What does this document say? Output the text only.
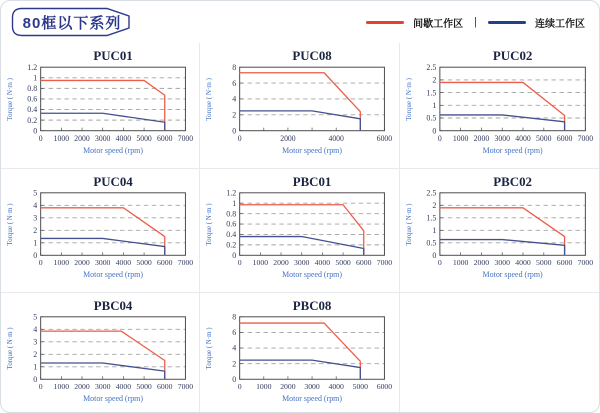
80框以下系列	间歇工作区 |	连续工作区
PUC01
Motor speed (rpm)
Torque ( N·m )
0
0.2
0.4
0.6
0.8
1
1.2
0 1000 2000 3000 4000 5000 6000 7000
PUC08
Motor speed (rpm)
Torque ( N·m )
0
2
4
6
8
0	2000	4000	6000
PUC02
Motor speed (rpm)
Torque ( N·m )
0
0.5
1
1.5
2
2.5
0 1000 2000 3000 4000 5000 6000 7000
PUC04
Motor speed (rpm)
Torque ( N·m )
0
1
2
3
4
5
0 1000 2000 3000 4000 5000 6000 7000
PBC01
Motor speed (rpm)
Torque ( N·m )
0
0.2
0.4
0.6
0.8
1
1.2
0 1000 2000 3000 4000 5000 6000 7000
PBC02
Motor speed (rpm)
Torque ( N·m )
0
0.5
1
1.5
2
2.5
0 1000 2000 3000 4000 5000 6000 7000
PBC04
Motor speed (rpm)
Torque ( N·m )
0
1
2
3
4
5
0 1000 2000 3000 4000 5000 6000 7000
PBC08
Motor speed (rpm)
Torque ( N·m )
0
2
4
6
8
0 1000 2000 3000 4000 5000 6000
